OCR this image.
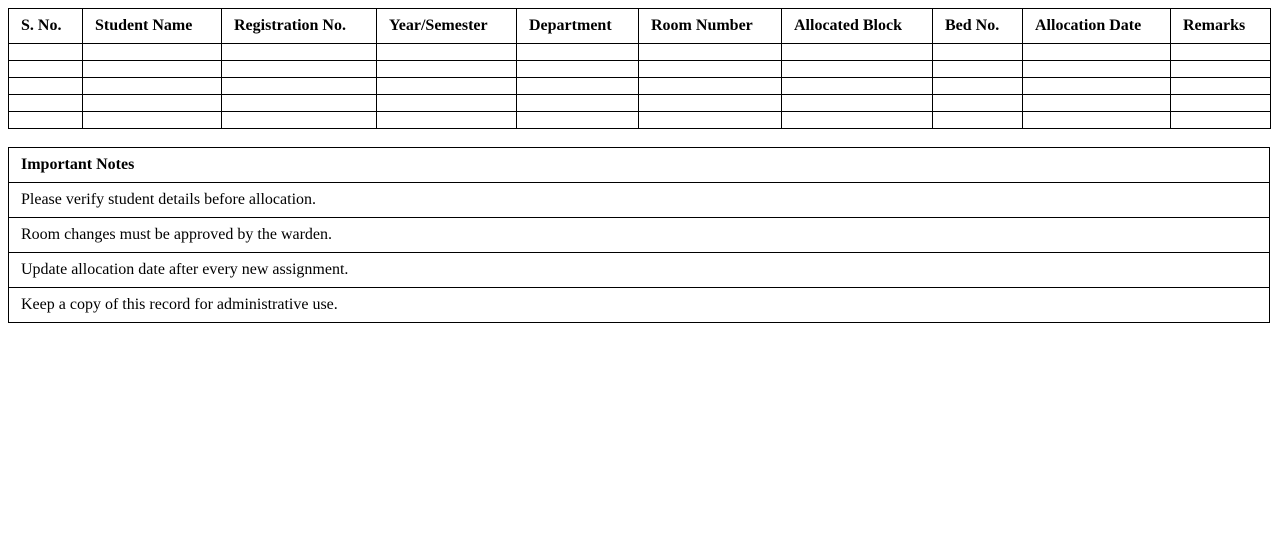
S. No.	Student Name	Registration No.	Year/Semester	Department	Room Number	Allocated Block	Bed No.	Allocation Date	Remarks

Important Notes
Please verify student details before allocation.
Room changes must be approved by the warden.
Update allocation date after every new assignment.
Keep a copy of this record for administrative use.
